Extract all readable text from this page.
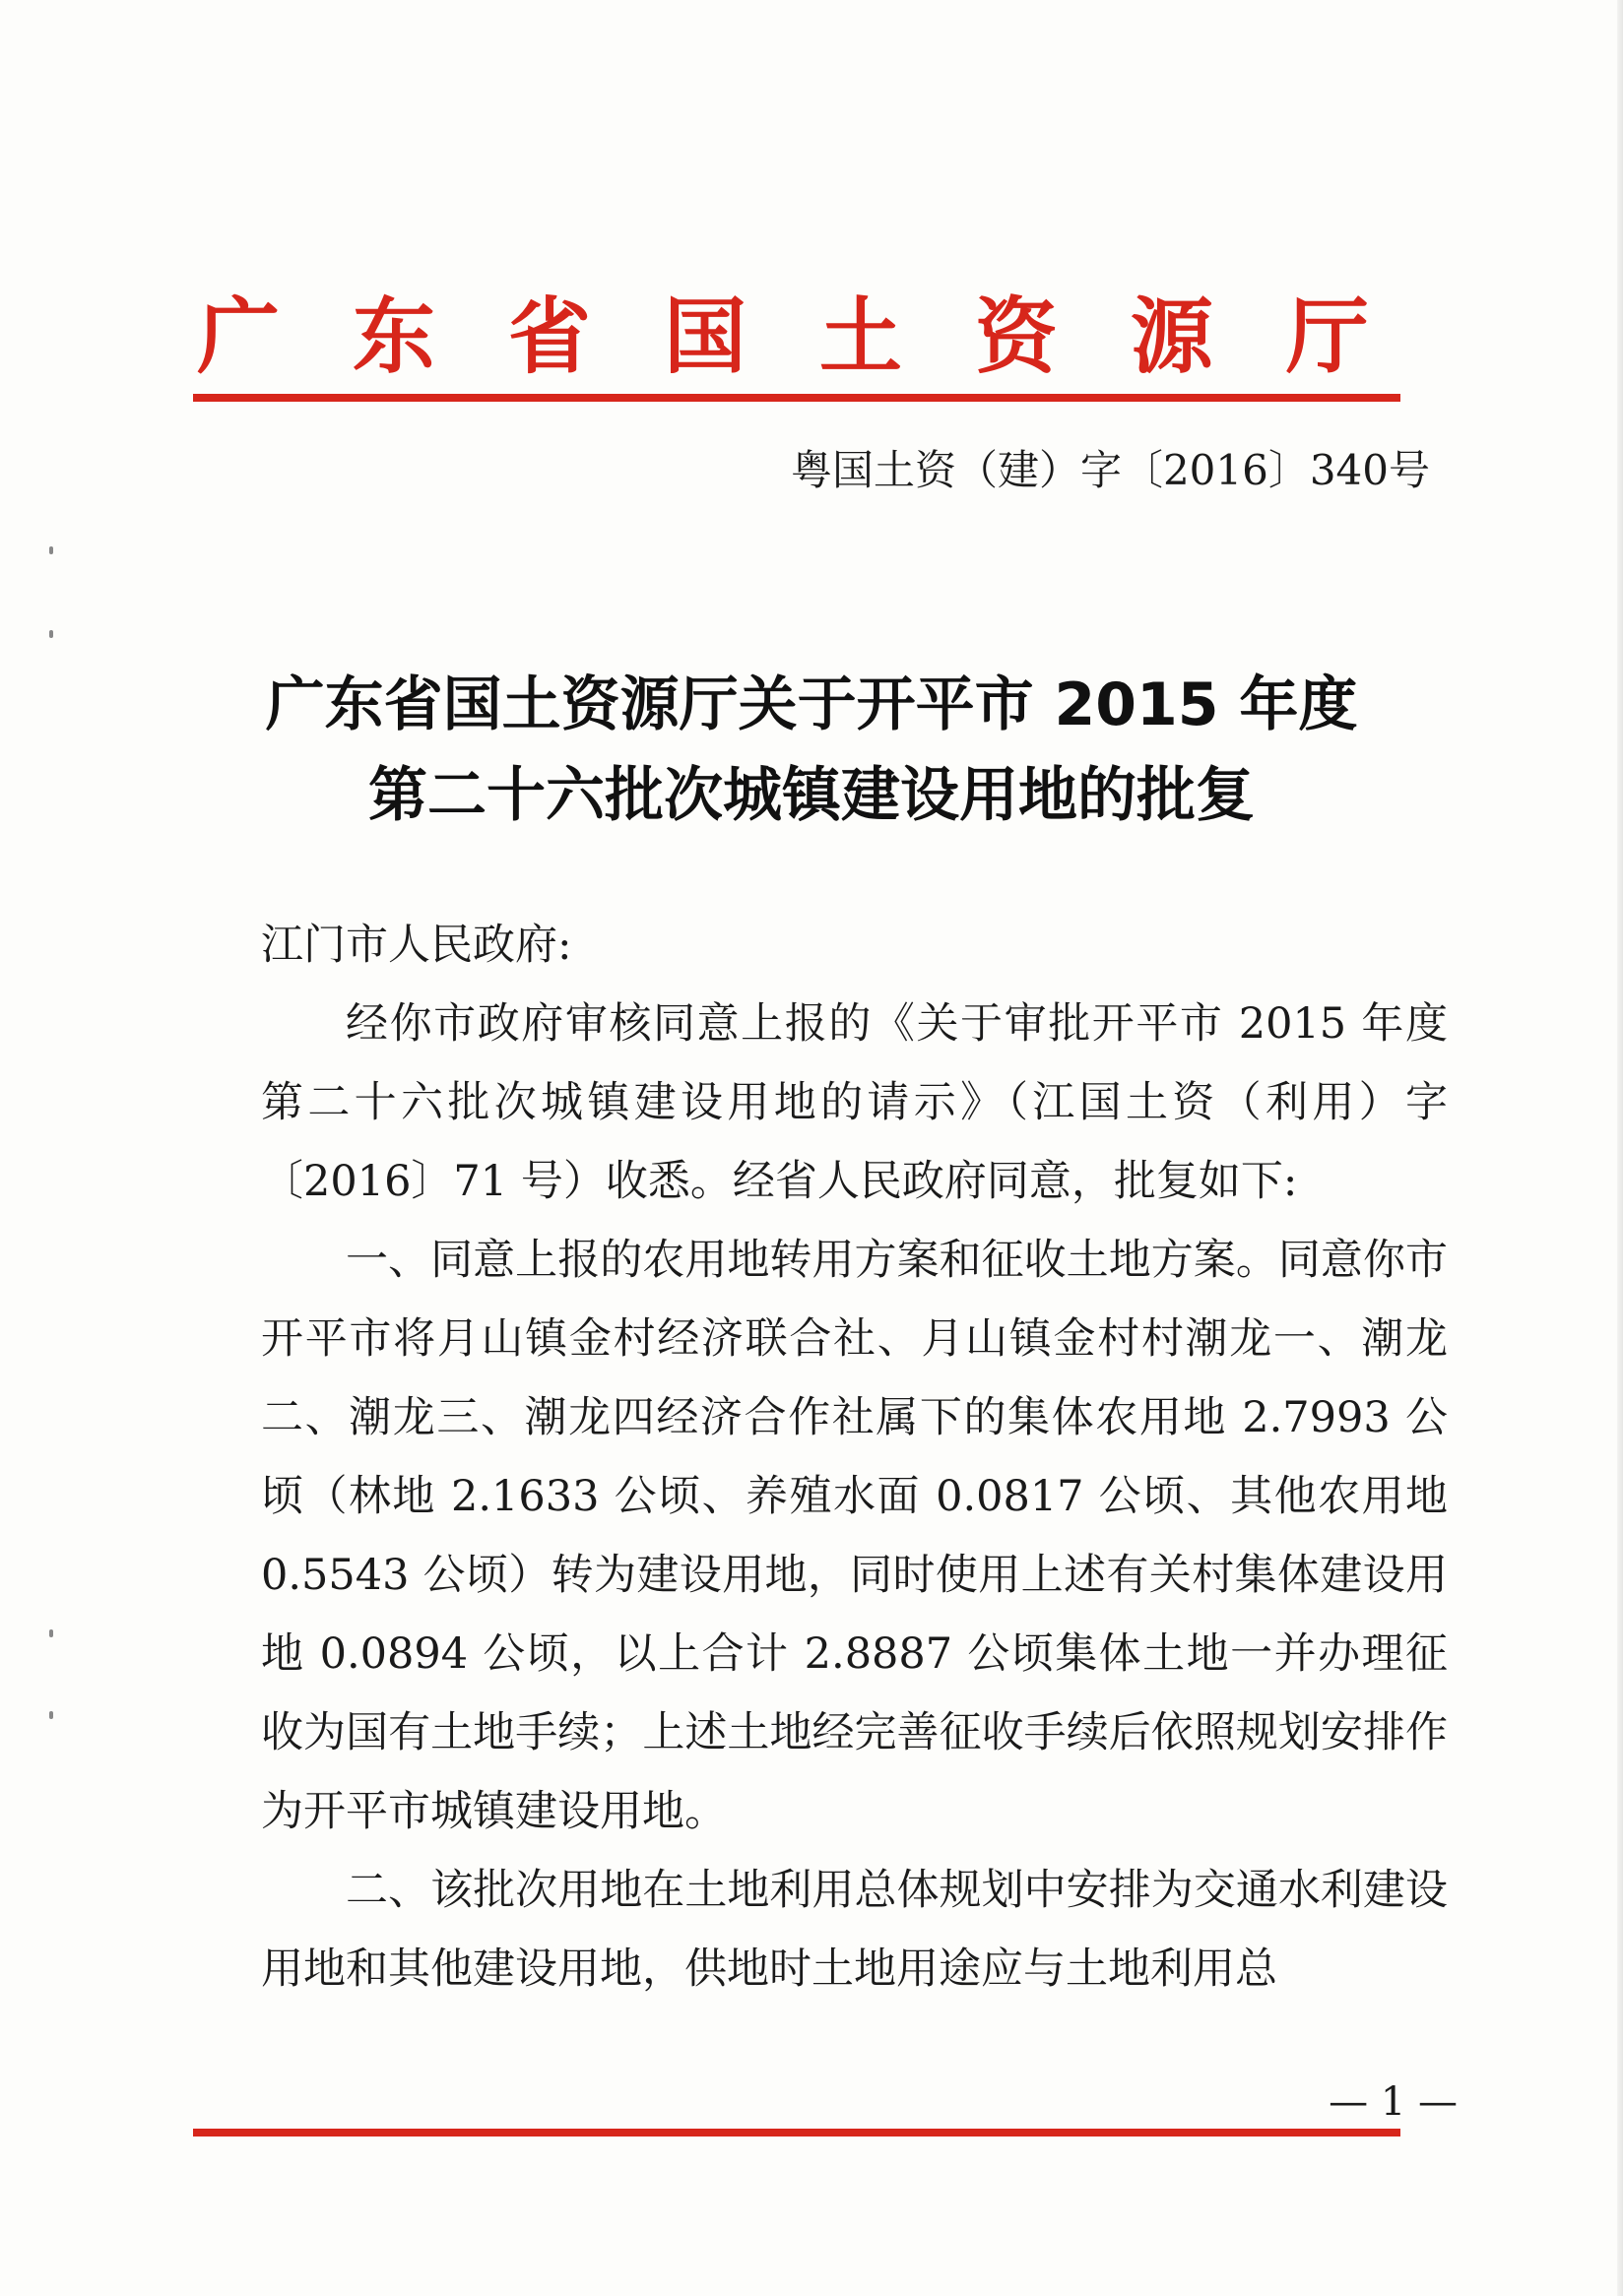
广 东 省 国 土 资 源 厅
粤国土资（建）字〔2016〕340号
广东省国土资源厅关于开平市 2015 年度
第二十六批次城镇建设用地的批复

江门市人民政府:

经你市政府审核同意上报的《关于审批开平市 2015 年度第二十六批次城镇建设用地的请示》（江国土资（利用）字〔2016〕71 号）收悉。经省人民政府同意，批复如下:

一、同意上报的农用地转用方案和征收土地方案。同意你市开平市将月山镇金村经济联合社、月山镇金村村潮龙一、潮龙二、潮龙三、潮龙四经济合作社属下的集体农用地 2.7993 公顷（林地 2.1633 公顷、养殖水面 0.0817 公顷、其他农用地 0.5543 公顷）转为建设用地，同时使用上述有关村集体建设用地 0.0894 公顷，以上合计 2.8887 公顷集体土地一并办理征收为国有土地手续；上述土地经完善征收手续后依照规划安排作为开平市城镇建设用地。

二、该批次用地在土地利用总体规划中安排为交通水利建设用地和其他建设用地，供地时土地用途应与土地利用总

— 1 —
